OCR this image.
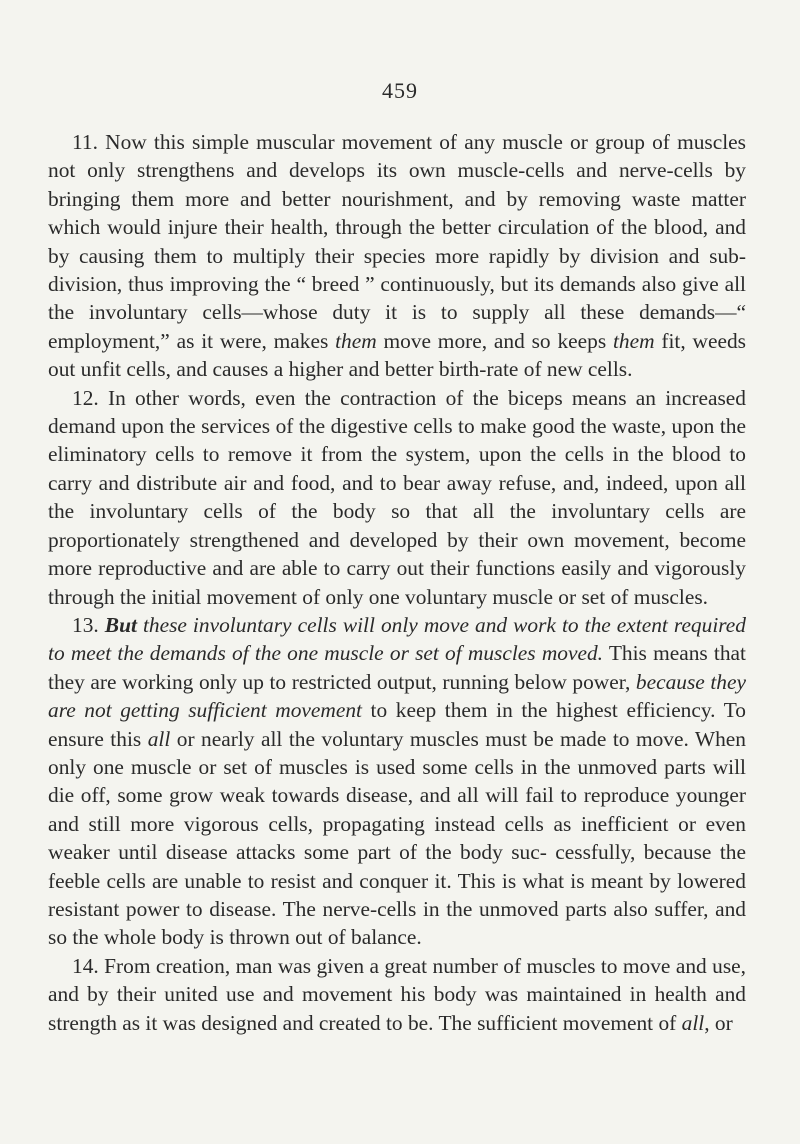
459

11. Now this simple muscular movement of any muscle or group of muscles not only strengthens and develops its own muscle-cells and nerve-cells by bringing them more and better nourishment, and by removing waste matter which would injure their health, through the better circulation of the blood, and by causing them to multiply their species more rapidly by division and sub-division, thus improving the “ breed ” continuously, but its demands also give all the involuntary cells—whose duty it is to supply all these demands—“ employment,” as it were, makes them move more, and so keeps them fit, weeds out unfit cells, and causes a higher and better birth-rate of new cells.

12. In other words, even the contraction of the biceps means an increased demand upon the services of the digestive cells to make good the waste, upon the eliminatory cells to remove it from the system, upon the cells in the blood to carry and distribute air and food, and to bear away refuse, and, indeed, upon all the involuntary cells of the body so that all the involuntary cells are proportionately strengthened and developed by their own movement, become more reproductive and are able to carry out their functions easily and vigorously through the initial movement of only one voluntary muscle or set of muscles.

13. But these involuntary cells will only move and work to the extent required to meet the demands of the one muscle or set of muscles moved. This means that they are working only up to restricted output, running below power, because they are not getting sufficient movement to keep them in the highest efficiency. To ensure this all or nearly all the voluntary muscles must be made to move. When only one muscle or set of muscles is used some cells in the unmoved parts will die off, some grow weak towards disease, and all will fail to reproduce younger and still more vigorous cells, propagating instead cells as inefficient or even weaker until disease attacks some part of the body suc- cessfully, because the feeble cells are unable to resist and conquer it. This is what is meant by lowered resistant power to disease. The nerve-cells in the unmoved parts also suffer, and so the whole body is thrown out of balance.

14. From creation, man was given a great number of muscles to move and use, and by their united use and movement his body was maintained in health and strength as it was designed and created to be. The sufficient movement of all, or
